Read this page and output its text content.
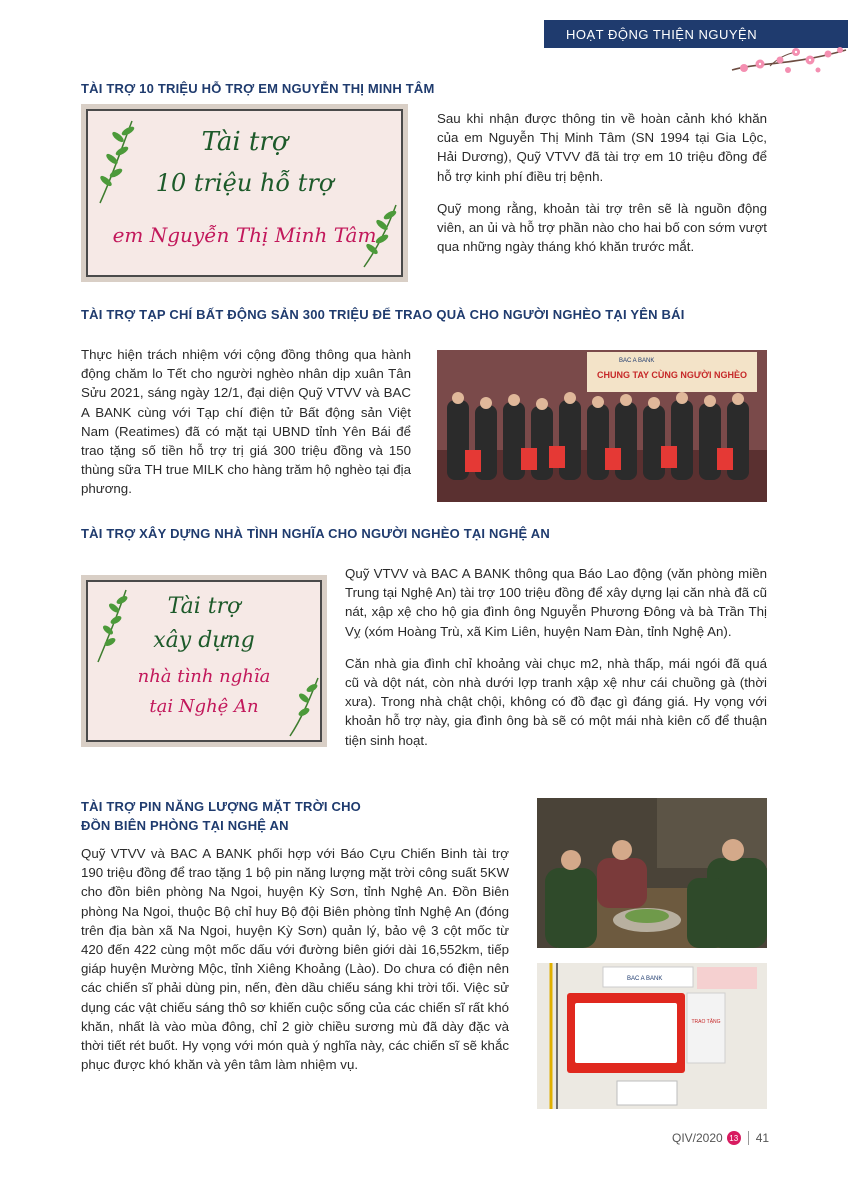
HOẠT ĐỘNG THIỆN NGUYỆN
TÀI TRỢ 10 TRIỆU HỖ TRỢ EM NGUYỄN THỊ MINH TÂM
Tài trợ
10 triệu hỗ trợ
em Nguyễn Thị Minh Tâm

Sau khi nhận được thông tin về hoàn cảnh khó khăn của em Nguyễn Thị Minh Tâm (SN 1994 tại Gia Lộc, Hải Dương), Quỹ VTVV đã tài trợ em 10 triệu đồng để hỗ trợ kinh phí điều trị bệnh.

Quỹ mong rằng, khoản tài trợ trên sẽ là nguồn động viên, an ủi và hỗ trợ phần nào cho hai bố con sớm vượt qua những ngày tháng khó khăn trước mắt.

TÀI TRỢ TẠP CHÍ BẤT ĐỘNG SẢN 300 TRIỆU ĐỂ TRAO QUÀ CHO NGƯỜI NGHÈO TẠI YÊN BÁI

Thực hiện trách nhiệm với cộng đồng thông qua hành động chăm lo Tết cho người nghèo nhân dịp xuân Tân Sửu 2021, sáng ngày 12/1, đại diện Quỹ VTVV và BAC A BANK cùng với Tạp chí điện tử Bất động sản Việt Nam (Reatimes) đã có mặt tại UBND tỉnh Yên Bái để trao tặng số tiền hỗ trợ trị giá 300 triệu đồng và 150 thùng sữa TH true MILK cho hàng trăm hộ nghèo tại địa phương.

CHUNG TAY CÙNG NGƯỜI NGHÈO
BAC A BANK
TÀI TRỢ XÂY DỰNG NHÀ TÌNH NGHĨA CHO NGƯỜI NGHÈO TẠI NGHỆ AN
Tài trợ
xây dựng
nhà tình nghĩa
tại Nghệ An

Quỹ VTVV và BAC A BANK thông qua Báo Lao động (văn phòng miền Trung tại Nghệ An) tài trợ 100 triệu đồng để xây dựng lại căn nhà đã cũ nát, xập xệ cho hộ gia đình ông Nguyễn Phương Đông và bà Trần Thị Vỵ (xóm Hoàng Trù, xã Kim Liên, huyện Nam Đàn, tỉnh Nghệ An).

Căn nhà gia đình chỉ khoảng vài chục m2, nhà thấp, mái ngói đã quá cũ và dột nát, còn nhà dưới lợp tranh xập xệ như cái chuồng gà (thời xưa). Trong nhà chật chội, không có đồ đạc gì đáng giá. Hy vọng với khoản hỗ trợ này, gia đình ông bà sẽ có một mái nhà kiên cố để thuận tiện sinh hoạt.

TÀI TRỢ PIN NĂNG LƯỢNG MẶT TRỜI CHO
ĐỒN BIÊN PHÒNG TẠI NGHỆ AN

Quỹ VTVV và BAC A BANK phối hợp với Báo Cựu Chiến Binh tài trợ 190 triệu đồng để trao tặng 1 bộ pin năng lượng mặt trời công suất 5KW cho đồn biên phòng Na Ngoi, huyện Kỳ Sơn, tỉnh Nghệ An. Đồn Biên phòng Na Ngoi, thuộc Bộ chỉ huy Bộ đội Biên phòng tỉnh Nghệ An (đóng trên địa bàn xã Na Ngoi, huyện Kỳ Sơn) quản lý, bảo vệ 3 cột mốc từ 420 đến 422 cùng một mốc dấu với đường biên giới dài 16,552km, tiếp giáp huyện Mường Mộc, tỉnh Xiêng Khoảng (Lào). Do chưa có điện nên các chiến sĩ phải dùng pin, nến, đèn dầu chiếu sáng khi trời tối. Việc sử dụng các vật chiếu sáng thô sơ khiến cuộc sống của các chiến sĩ rất khó khăn, nhất là vào mùa đông, chỉ 2 giờ chiều sương mù đã dày đặc và thời tiết rét buốt. Hy vọng với món quà ý nghĩa này, các chiến sĩ sẽ khắc phục được khó khăn và yên tâm làm nhiệm vụ.

BAC A BANK
TRAO TẶNG
QIV/2020 13 41
